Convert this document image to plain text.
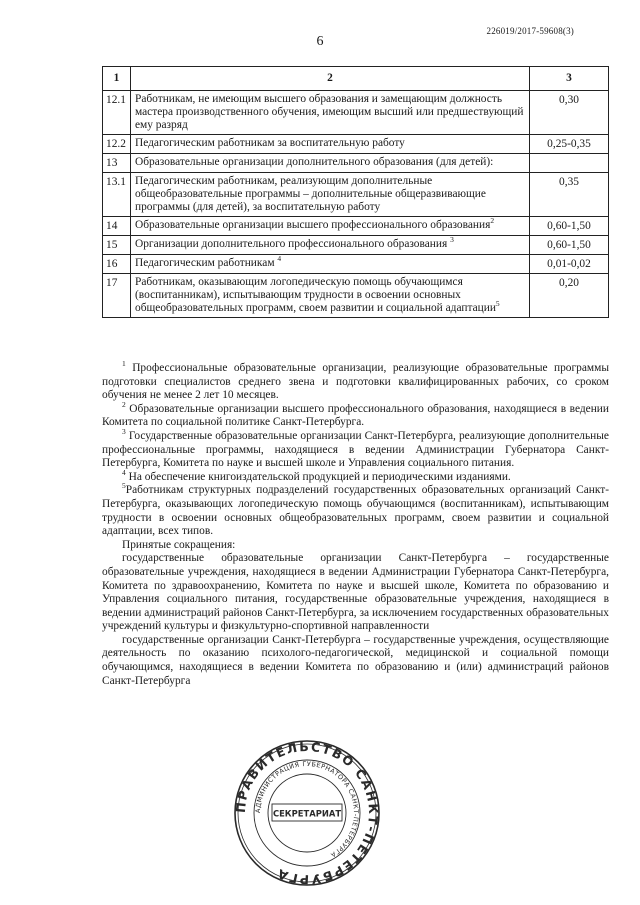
226019/2017-59608(3)
6
1	2	3
12.1	Работникам, не имеющим высшего образования и замещающим должность мастера производственного обучения, имеющим высший или предшествующий ему разряд	0,30
12.2	Педагогическим работникам за воспитательную работу	0,25-0,35
13	Образовательные организации дополнительного образования (для детей):	
13.1	Педагогическим работникам, реализующим дополнительные общеобразовательные программы – дополнительные общеразвивающие программы (для детей), за воспитательную работу	0,35
14	Образовательные организации высшего профессионального образования$^2$	0,60-1,50
15	Организации дополнительного профессионального образования $^3$	0,60-1,50
16	Педагогическим работникам $^4$	0,01-0,02
17	Работникам, оказывающим логопедическую помощь обучающимся (воспитанникам), испытывающим трудности в освоении основных общеобразовательных программ, своем развитии и социальной адаптации$^5$	0,20

$^1$ Профессиональные образовательные организации, реализующие образовательные программы подготовки специалистов среднего звена и подготовки квалифицированных рабочих, со сроком обучения не менее 2 лет 10 месяцев.

$^2$ Образовательные организации высшего профессионального образования, находящиеся в ведении Комитета по социальной политике Санкт-Петербурга.

$^3$ Государственные образовательные организации Санкт-Петербурга, реализующие дополнительные профессиональные программы, находящиеся в ведении Администрации Губернатора Санкт-Петербурга, Комитета по науке и высшей школе и Управления социального питания.

$^4$ На обеспечение книгоиздательской продукцией и периодическими изданиями.

$^5$Работникам структурных подразделений государственных образовательных организаций Санкт-Петербурга, оказывающих логопедическую помощь обучающимся (воспитанникам), испытывающим трудности в освоении основных общеобразовательных программ, своем развитии и социальной адаптации, всех типов.

Принятые сокращения:

государственные образовательные организации Санкт-Петербурга – государственные образовательные учреждения, находящиеся в ведении Администрации Губернатора Санкт-Петербурга, Комитета по здравоохранению, Комитета по науке и высшей школе, Комитета по образованию и Управления социального питания, государственные образовательные учреждения, находящиеся в ведении администраций районов Санкт-Петербурга, за исключением государственных образовательных учреждений культуры и физкультурно-спортивной направленности

государственные организации Санкт-Петербурга – государственные учреждения, осуществляющие деятельность по оказанию психолого-педагогической, медицинской и социальной помощи обучающимся, находящиеся в ведении Комитета по образованию и (или) администраций районов Санкт-Петербурга

ПРАВИТЕЛЬСТВО САНКТ-ПЕТЕРБУРГА
АДМИНИСТРАЦИЯ ГУБЕРНАТОРА САНКТ-ПЕТЕРБУРГА
СЕКРЕТАРИАТ
